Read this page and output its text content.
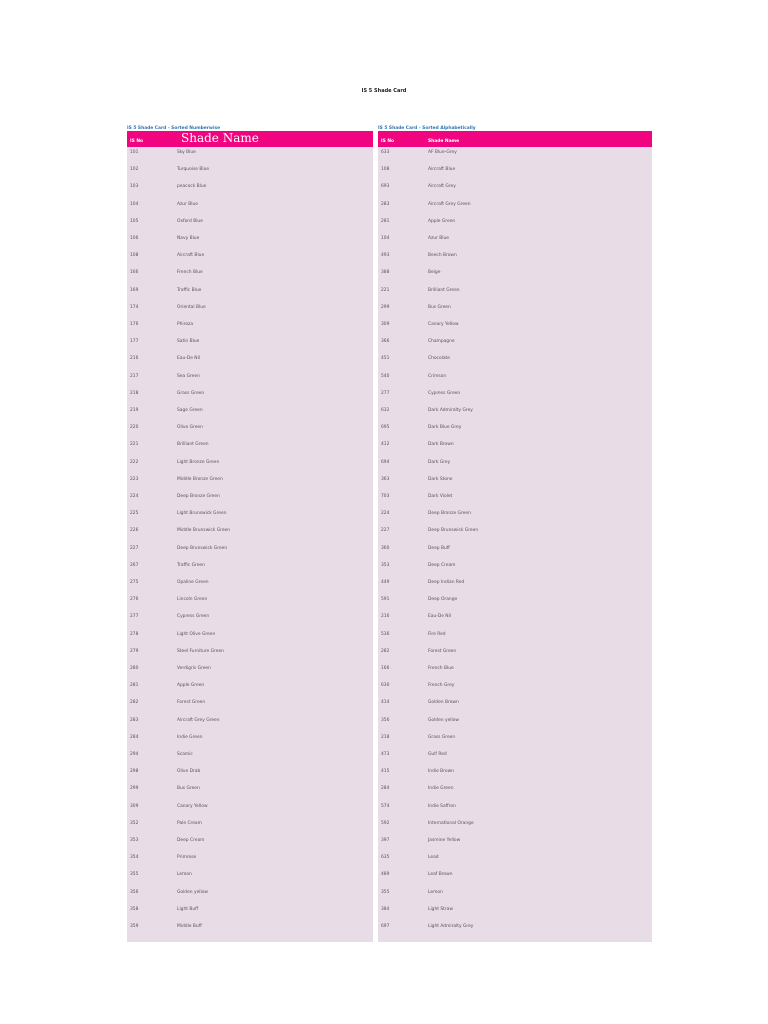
IS 5 Shade Card
IS 5 Shade Card - Sorted Numberwise
IS No	Shade Name
101	Sky Blue
102	Turquoise Blue
103	peacock Blue
104	Azur Blue
105	Oxford Blue
106	Navy Blue
108	Aircraft Blue
166	French Blue
169	Traffic Blue
174	Oriental Blue
176	Phiroza
177	Satin Blue
216	Eau-De Nil
217	Sea Green
218	Grass Green
219	Sage Green
220	Olive Green
221	Brilliant Green
222	Light Bronze Green
223	Middle Bronze Green
224	Deep Bronze Green
225	Light Brunswick Green
226	Middle Brunswick Green
227	Deep Brunswick Green
267	Traffic Green
275	Opaline Green
276	Lincoln Green
277	Cypress Green
278	Light Olive Green
279	Steel Furniture Green
280	Verdigris Green
281	Apple Green
282	Forest Green
283	Aircraft Grey Green
284	Indie Green
294	Scamic
298	Olive Drab
299	Bus Green
309	Canary Yellow
352	Pale Cream
353	Deep Cream
354	Primrose
355	Lemon
356	Golden yellow
358	Light Buff
359	Middle Buff
IS 5 Shade Card - Sorted Alphabetically
IS No	Shade Name
633	AF Blue-Grey
108	Aircraft Blue
693	Aircraft Grey
283	Aircraft Grey Green
281	Apple Green
104	Azur Blue
493	Beech Brown
388	Beige
221	Brilliant Green
299	Bus Green
309	Canary Yellow
366	Champagne
451	Chocolate
540	Crimson
277	Cypress Green
632	Dark Admiralty Grey
695	Dark Blue Grey
412	Dark Brown
694	Dark Grey
363	Dark Stone
703	Dark Violet
224	Deep Bronze Green
227	Deep Brunswick Green
360	Deep Buff
353	Deep Cream
449	Deep Indian Red
591	Deep Orange
216	Eau-De Nil
536	Fire Red
282	Forest Green
166	French Blue
630	French Grey
414	Golden Brown
356	Golden yellow
218	Grass Green
473	Gulf Red
415	Indie Brown
284	Indie Green
574	Indie Saffron
592	International Orange
397	Jasmine Yellow
635	Lead
489	Leaf Brown
355	Lemon
384	Light Straw
697	Light Admiralty Grey
